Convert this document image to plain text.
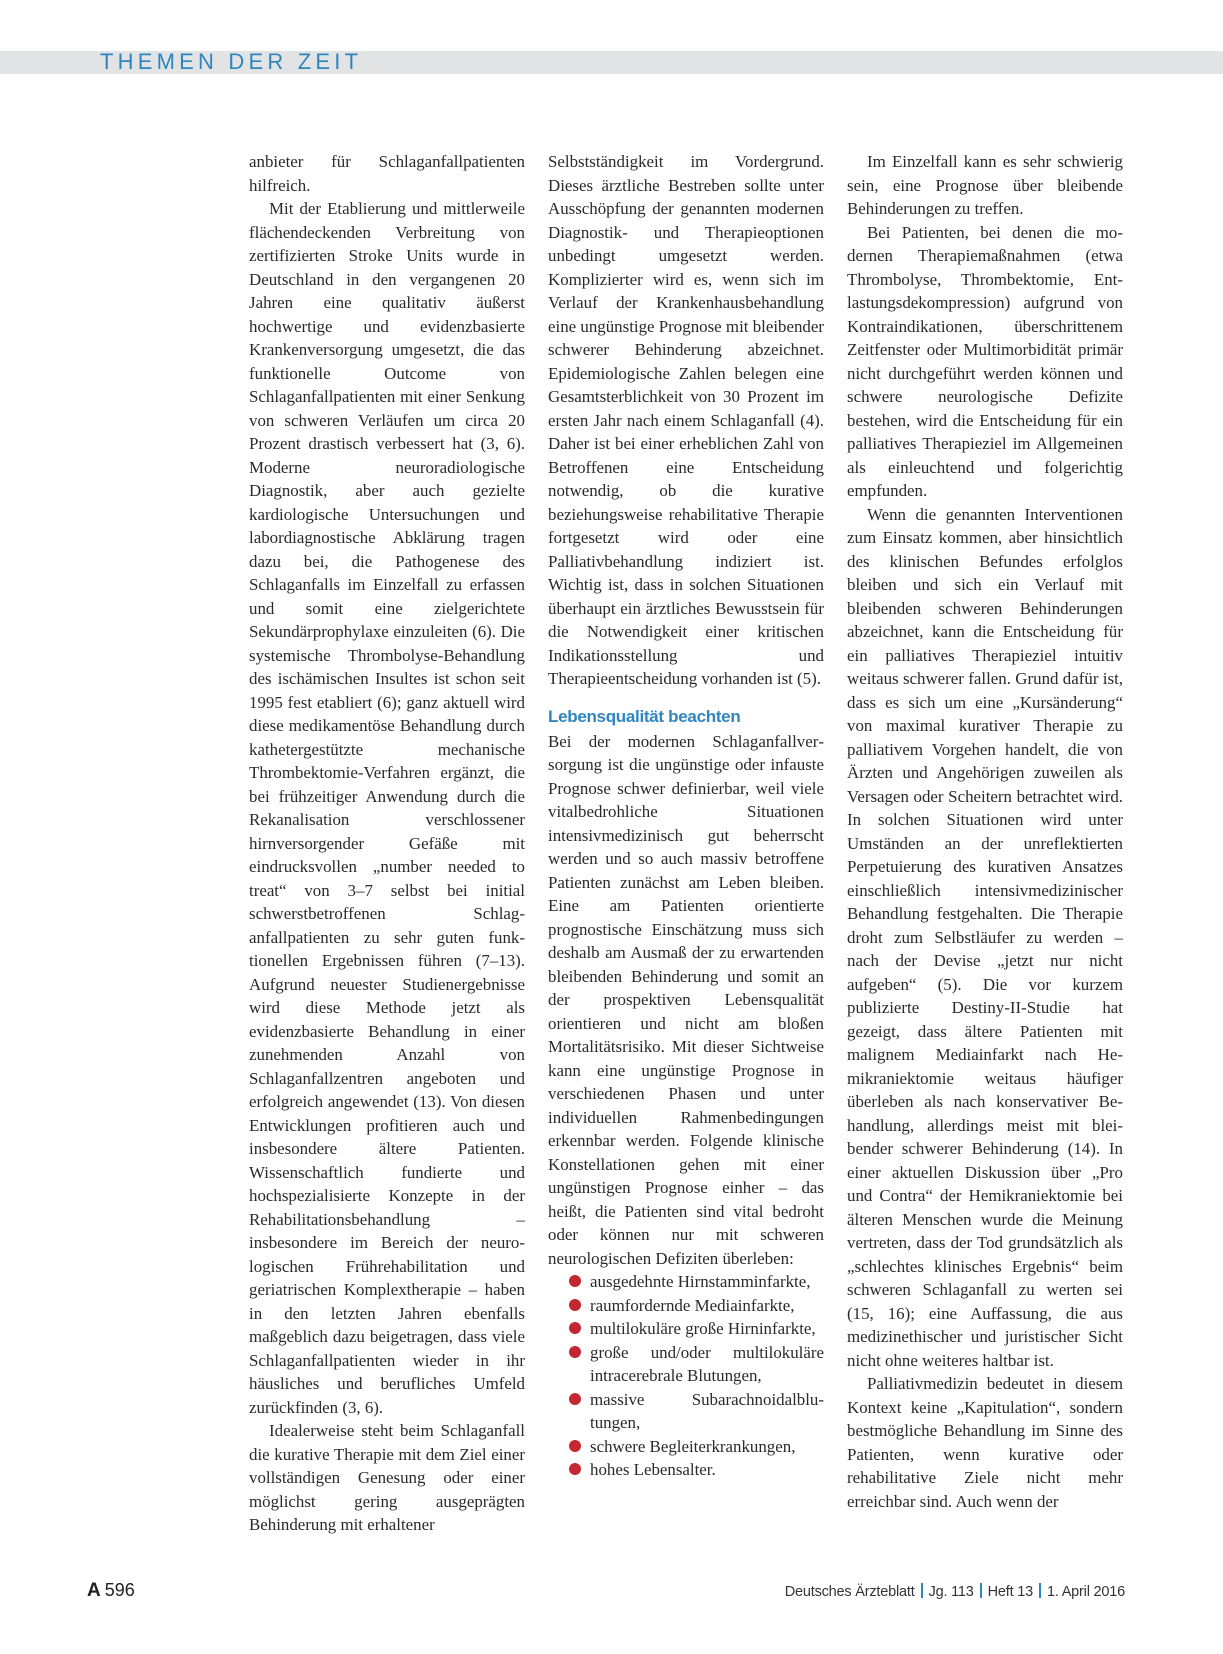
THEMEN DER ZEIT

anbieter für Schlaganfallpatienten hilfreich.

Mit der Etablierung und mittlerweile flächendeckenden Verbreitung von zertifizierten Stroke Units wurde in Deutschland in den vergangenen 20 Jahren eine qualitativ äußerst hochwertige und evidenzbasierte Krankenversorgung umgesetzt, die das funktionelle Outcome von Schlaganfallpatienten mit einer Senkung von schweren Verläufen um circa 20 Prozent drastisch verbessert hat (3, 6). Moderne neuroradiologische Diagnostik, aber auch gezielte kardiologische Untersuchungen und labordiagnostische Abklärung tragen dazu bei, die Pathogenese des Schlaganfalls im Einzelfall zu erfassen und somit eine zielgerichtete Sekundärprophylaxe einzuleiten (6). Die systemische Thrombolyse-Behandlung des ischämischen Insultes ist schon seit 1995 fest etabliert (6); ganz aktuell wird diese medikamentöse Behandlung durch kathetergestützte mechanische Thrombektomie-Verfahren ergänzt, die bei frühzeitiger Anwendung durch die Rekanalisation verschlossener hirnversorgender Gefäße mit eindrucksvollen „number needed to treat“ von 3–7 selbst bei initial schwerstbetroffenen Schlaganfallpatienten zu sehr guten funktionellen Ergebnissen führen (7–13). Aufgrund neuester Studienergebnisse wird diese Methode jetzt als evidenzbasierte Behandlung in einer zunehmenden Anzahl von Schlaganfallzentren angeboten und erfolgreich angewendet (13). Von diesen Entwicklungen profitieren auch und insbesondere ältere Patienten. Wissenschaftlich fundierte und hochspezialisierte Konzepte in der Rehabilitationsbehandlung – insbesondere im Bereich der neurologischen Frührehabilitation und geriatrischen Komplextherapie – haben in den letzten Jahren ebenfalls maßgeblich dazu beigetragen, dass viele Schlaganfallpatienten wieder in ihr häusliches und berufliches Umfeld zurückfinden (3, 6).

Idealerweise steht beim Schlaganfall die kurative Therapie mit dem Ziel einer vollständigen Genesung oder einer möglichst gering ausgeprägten Behinderung mit erhaltener

Selbstständigkeit im Vordergrund. Dieses ärztliche Bestreben sollte unter Ausschöpfung der genannten modernen Diagnostik- und Therapieoptionen unbedingt umgesetzt werden. Komplizierter wird es, wenn sich im Verlauf der Krankenhausbehandlung eine ungünstige Prognose mit bleibender schwerer Behinderung abzeichnet. Epidemiologische Zahlen belegen eine Gesamtsterblichkeit von 30 Prozent im ersten Jahr nach einem Schlaganfall (4). Daher ist bei einer erheblichen Zahl von Betroffenen eine Entscheidung notwendig, ob die kurative beziehungsweise rehabilitative Therapie fortgesetzt wird oder eine Palliativbehandlung indiziert ist. Wichtig ist, dass in solchen Situationen überhaupt ein ärztliches Bewusstsein für die Notwendigkeit einer kritischen Indikationsstellung und Therapieentscheidung vorhanden ist (5).

Lebensqualität beachten

Bei der modernen Schlaganfallversorgung ist die ungünstige oder infauste Prognose schwer definierbar, weil viele vitalbedrohliche Situationen intensivmedizinisch gut beherrscht werden und so auch massiv betroffene Patienten zunächst am Leben bleiben. Eine am Patienten orientierte prognostische Einschätzung muss sich deshalb am Ausmaß der zu erwartenden bleibenden Behinderung und somit an der prospektiven Lebensqualität orientieren und nicht am bloßen Mortalitätsrisiko. Mit dieser Sichtweise kann eine ungünstige Prognose in verschiedenen Phasen und unter individuellen Rahmenbedingungen erkennbar werden. Folgende klinische Konstellationen gehen mit einer ungünstigen Prognose einher – das heißt, die Patienten sind vital bedroht oder können nur mit schweren neurologischen Defiziten überleben:

ausgedehnte Hirnstamminfarkte,
raumfordernde Mediainfarkte,
multilokuläre große Hirninfarkte,
große und/oder multilokuläre intracerebrale Blutungen,
massive Subarachnoidalblutungen,
schwere Begleiterkrankungen,
hohes Lebensalter.

Im Einzelfall kann es sehr schwierig sein, eine Prognose über bleibende Behinderungen zu treffen.

Bei Patienten, bei denen die modernen Therapiemaßnahmen (etwa Thrombolyse, Thrombektomie, Entlastungsdekompression) aufgrund von Kontraindikationen, überschrittenem Zeitfenster oder Multimorbidität primär nicht durchgeführt werden können und schwere neurologische Defizite bestehen, wird die Entscheidung für ein palliatives Therapieziel im Allgemeinen als einleuchtend und folgerichtig empfunden.

Wenn die genannten Interventionen zum Einsatz kommen, aber hinsichtlich des klinischen Befundes erfolglos bleiben und sich ein Verlauf mit bleibenden schweren Behinderungen abzeichnet, kann die Entscheidung für ein palliatives Therapieziel intuitiv weitaus schwerer fallen. Grund dafür ist, dass es sich um eine „Kursänderung“ von maximal kurativer Therapie zu palliativem Vorgehen handelt, die von Ärzten und Angehörigen zuweilen als Versagen oder Scheitern betrachtet wird. In solchen Situationen wird unter Umständen an der unreflektierten Perpetuierung des kurativen Ansatzes einschließlich intensivmedizinischer Behandlung festgehalten. Die Therapie droht zum Selbstläufer zu werden – nach der Devise „jetzt nur nicht aufgeben“ (5). Die vor kurzem publizierte Destiny-II-Studie hat gezeigt, dass ältere Patienten mit malignem Mediainfarkt nach Hemikraniektomie weitaus häufiger überleben als nach konservativer Behandlung, allerdings meist mit bleibender schwerer Behinderung (14). In einer aktuellen Diskussion über „Pro und Contra“ der Hemikraniektomie bei älteren Menschen wurde die Meinung vertreten, dass der Tod grundsätzlich als „schlechtes klinisches Ergebnis“ beim schweren Schlaganfall zu werten sei (15, 16); eine Auffassung, die aus medizinethischer und juristischer Sicht nicht ohne weiteres haltbar ist.

Palliativmedizin bedeutet in diesem Kontext keine „Kapitulation“, sondern bestmögliche Behandlung im Sinne des Patienten, wenn kurative oder rehabilitative Ziele nicht mehr erreichbar sind. Auch wenn der

A 596	Deutsches Ärzteblatt Jg. 113 Heft 13 1. April 2016
